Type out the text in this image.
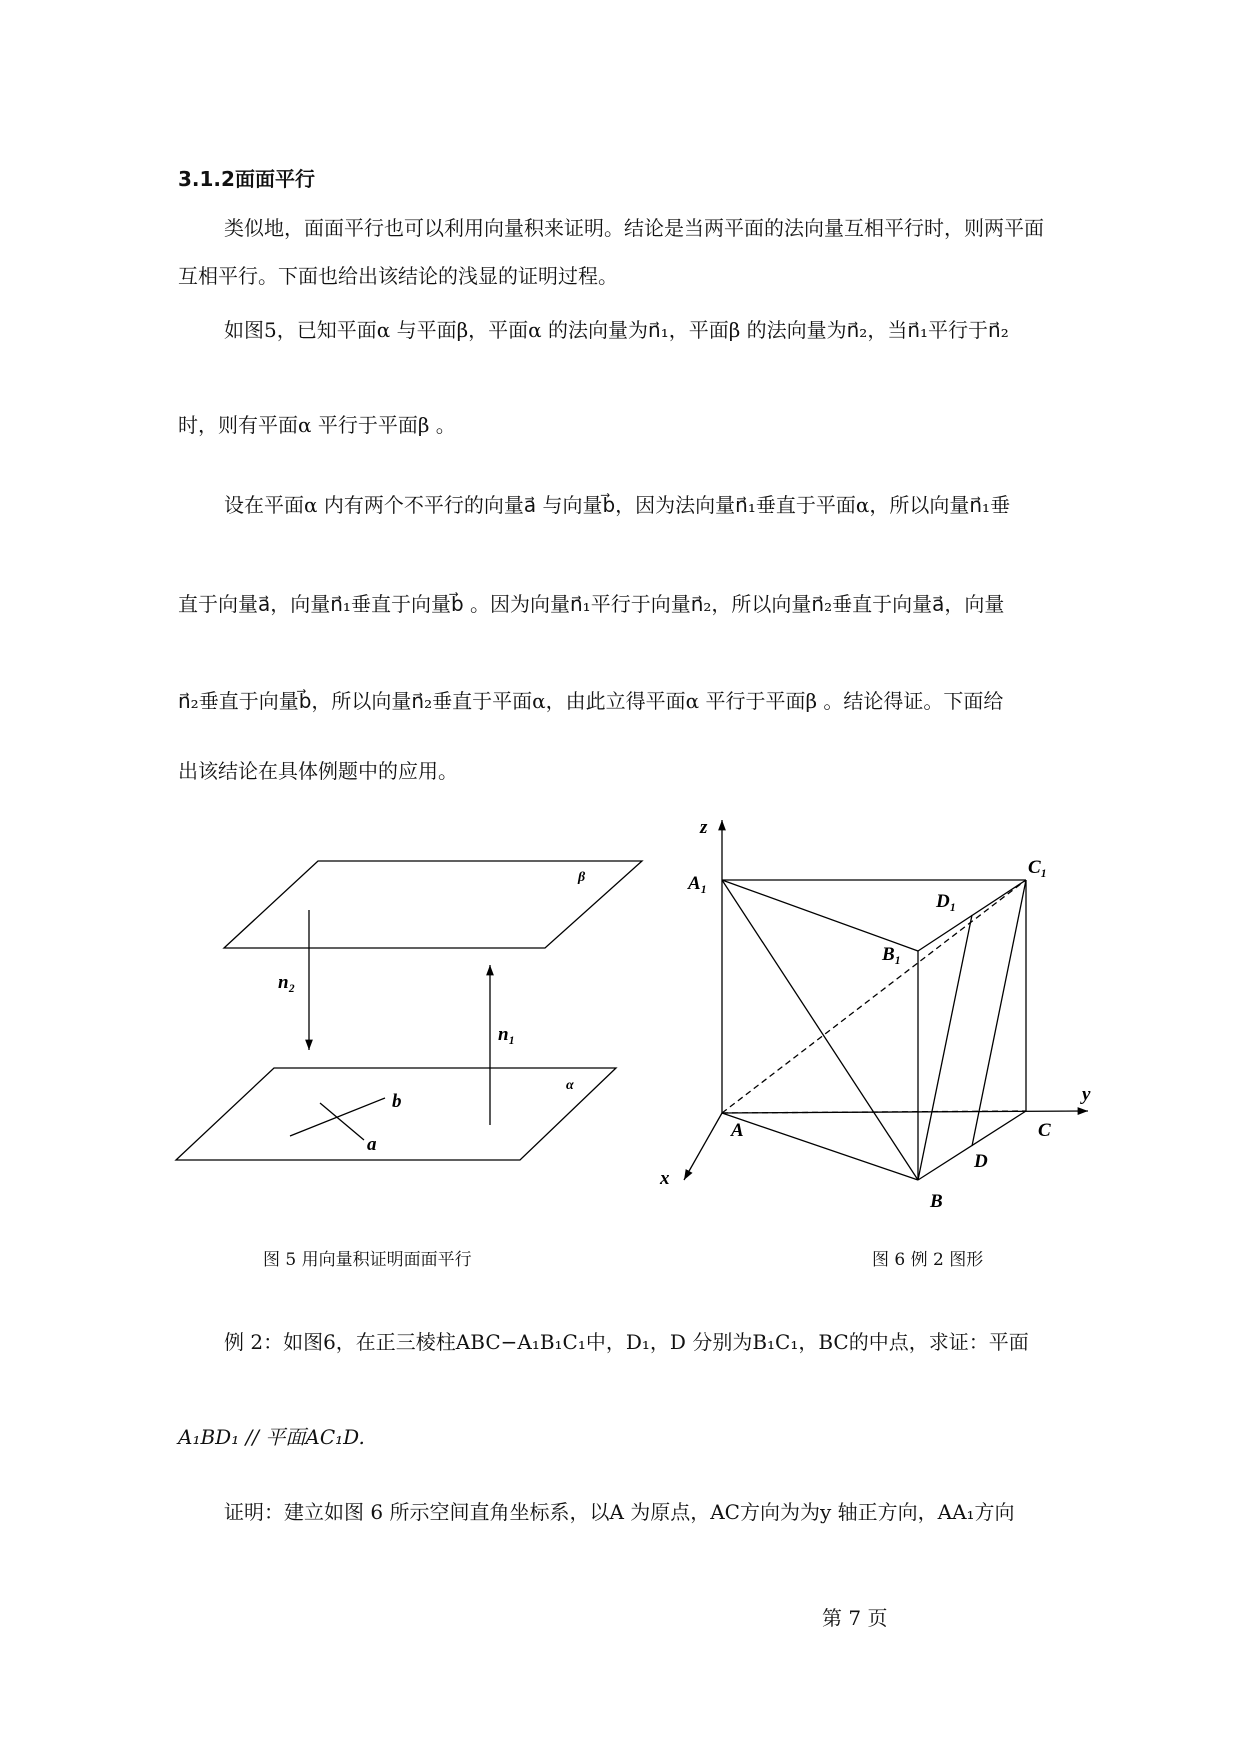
3.1.2面面平行
类似地，面面平行也可以利用向量积来证明。结论是当两平面的法向量互相平行时，则两平面
互相平行。下面也给出该结论的浅显的证明过程。
如图5，已知平面α 与平面β，平面α 的法向量为n⃗₁，平面β 的法向量为n⃗₂，当n⃗₁平行于n⃗₂
时，则有平面α 平行于平面β 。
设在平面α 内有两个不平行的向量a⃗ 与向量b⃗，因为法向量n⃗₁垂直于平面α，所以向量n⃗₁垂
直于向量a⃗，向量n⃗₁垂直于向量b⃗ 。因为向量n⃗₁平行于向量n⃗₂，所以向量n⃗₂垂直于向量a⃗，向量
n⃗₂垂直于向量b⃗，所以向量n⃗₂垂直于平面α，由此立得平面α 平行于平面β 。结论得证。下面给
出该结论在具体例题中的应用。
β
α
n₂
n₁
b
a
z
y
x
A₁
C₁
D₁
B₁
A
B
C
D
图 5 用向量积证明面面平行	图 6 例 2 图形
例 2：如图6，在正三棱柱ABC−A₁B₁C₁中，D₁，D 分别为B₁C₁，BC的中点，求证：平面
A₁BD₁ // 平面AC₁D.
证明：建立如图 6 所示空间直角坐标系，以A 为原点，AC方向为为y 轴正方向，AA₁方向
第 7 页
